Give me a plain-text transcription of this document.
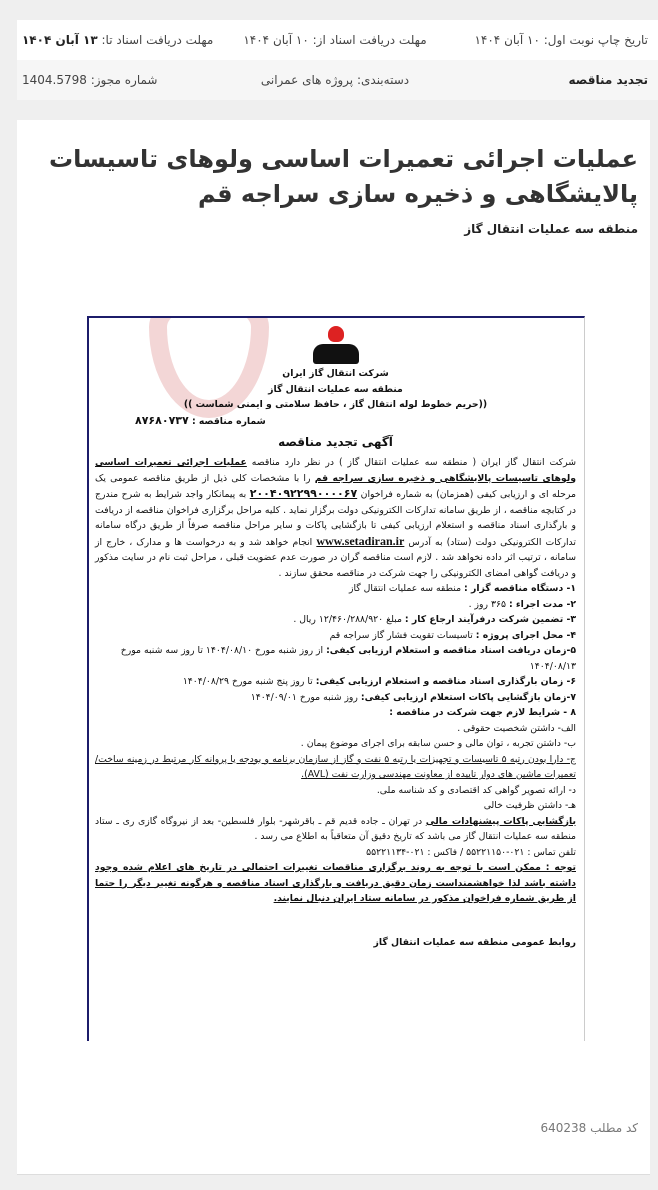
تاریخ چاپ نوبت اول: ۱۰ آبان ۱۴۰۴
مهلت دریافت اسناد از: ۱۰ آبان ۱۴۰۴
مهلت دریافت اسناد تا: ۱۳ آبان ۱۴۰۴
تجدید مناقصه
دسته‌بندی: پروژه های عمرانی
شماره مجوز: 1404.5798
عملیات اجرائی تعمیرات اساسی ولوهای تاسیسات پالایشگاهی و ذخیره سازی سراجه قم
منطقه سه عملیات انتقال گاز
شرکت انتقال گاز ایران
منطقه سه عملیات انتقال گاز
((حریم خطوط لوله انتقال گاز ، حافظ سلامتی و ایمنی شماست ))
شماره مناقصه : ۸۷۶۸۰۷۳۷
آگهی تجدید مناقصه

شرکت انتقال گاز ایران ( منطقه سه عملیات انتقال گاز ) در نظر دارد مناقصه عملیات اجرائی تعمیرات اساسی ولوهای تاسیسات پالایشگاهی و ذخیره سازی سراجه قم را با مشخصات کلی ذیل از طریق مناقصه عمومی یک مرحله ای و ارزیابی کیفی (همزمان) به شماره فراخوان ۲۰۰۴۰۹۲۲۹۹۰۰۰۰۶۷ به پیمانکار واجد شرایط به شرح مندرج در کتابچه مناقصه ، از طریق سامانه تدارکات الکترونیکی دولت برگزار نماید . کلیه مراحل برگزاری فراخوان مناقصه از دریافت و بارگذاری اسناد مناقصه و استعلام ارزیابی کیفی تا بازگشایی پاکات و سایر مراحل مناقصه صرفاً از طریق درگاه سامانه تدارکات الکترونیکی دولت (ستاد) به آدرس www.setadiran.ir انجام خواهد شد و به درخواست ها و مدارک ، خارج از سامانه ، ترتیب اثر داده نخواهد شد . لازم است مناقصه گران در صورت عدم عضویت قبلی ، مراحل ثبت نام در سایت مذکور و دریافت گواهی امضای الکترونیکی را جهت شرکت در مناقصه محقق سازند .

۱- دستگاه مناقصه گزار : منطقه سه عملیات انتقال گاز
۲- مدت اجراء : ۳۶۵ روز .
۳- تضمین شرکت درفرآیند ارجاع کار : مبلغ ۱۲/۴۶۰/۲۸۸/۹۲۰ ریال .
۴- محل اجرای پروژه : تاسیسات تقویت فشار گاز سراجه قم
۵-زمان دریافت اسناد مناقصه و استعلام ارزیابی کیفی: از روز شنبه مورخ ۱۴۰۴/۰۸/۱۰ تا روز سه شنبه مورخ ۱۴۰۴/۰۸/۱۳
۶- زمان بارگذاری اسناد مناقصه و استعلام ارزیابی کیفی: تا روز پنج شنبه مورخ ۱۴۰۴/۰۸/۲۹
۷-زمان بازگشایی پاکات استعلام ارزیابی کیفی: روز شنبه مورخ ۱۴۰۴/۰۹/۰۱
۸ - شرایط لازم جهت شرکت در مناقصه :
الف- داشتن شخصیت حقوقی .
ب- داشتن تجربه ، توان مالی و حسن سابقه برای اجرای موضوع پیمان .
ج- دارا بودن رتبه ۵ تاسیسات و تجهیزات یا رتبه ۵ نفت و گاز از سازمان برنامه و بودجه یا پروانه کار مرتبط در زمینه ساخت/ تعمیرات ماشین های دوار تاییده از معاونت مهندسی وزارت نفت (AVL).
د- ارائه تصویر گواهی کد اقتصادی و کد شناسه ملی.
هـ- داشتن ظرفیت خالی

بازگشایی پاکات پیشنهادات مالی در تهران ـ جاده قدیم قم ـ باقرشهر- بلوار فلسطین- بعد از نیروگاه گازی ری ـ ستاد منطقه سه عملیات انتقال گاز می باشد که تاریخ دقیق آن متعاقباً به اطلاع می رسد .

تلفن تماس : ۰۲۱-۵۵۲۲۱۱۵۰ / فاکس : ۰۲۱-۵۵۲۲۱۱۳۴
توجه : ممکن است با توجه به روند برگزاری مناقصات تغییرات احتمالی در تاریخ های اعلام شده وجود داشته باشد لذا خواهشمنداست زمان دقیق دریافت و بارگذاری اسناد مناقصه و هرگونه تغییر دیگر را حتما از طریق شماره فراخوان مذکور در سامانه ستاد ایران دنبال نمایند.
روابط عمومی منطقه سه عملیات انتقال گاز
کد مطلب 640238
